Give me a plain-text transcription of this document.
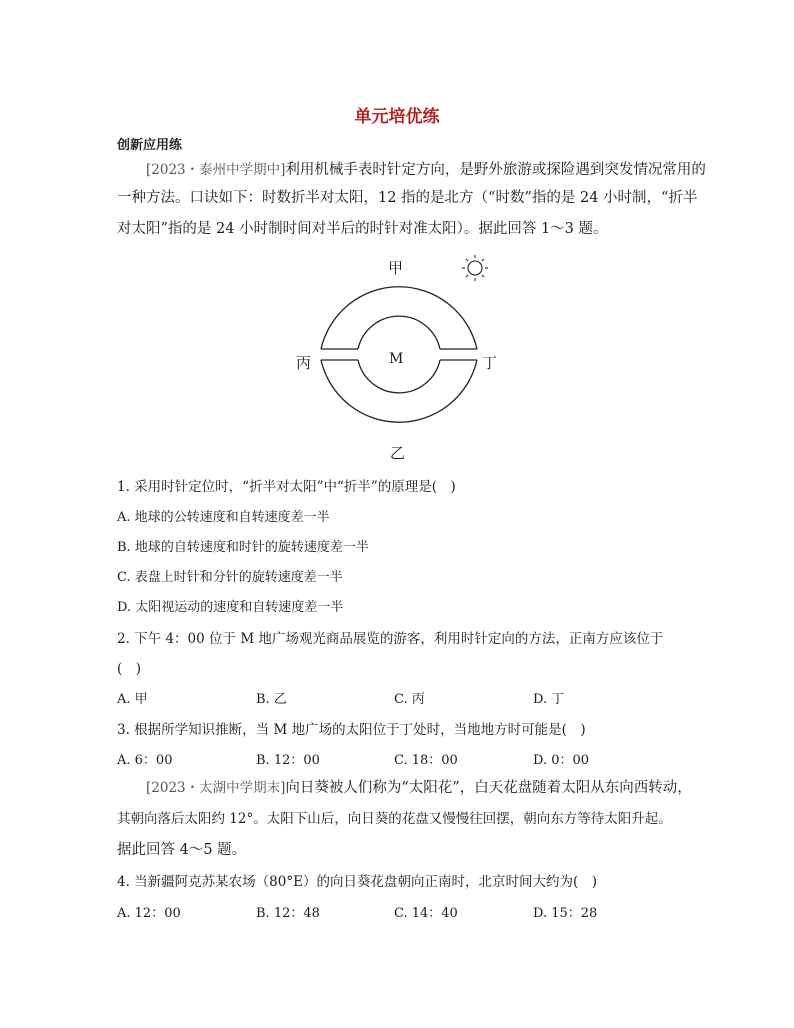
单元培优练
创新应用练
[2023・泰州中学期中]利用机械手表时针定方向，是野外旅游或探险遇到突发情况常用的
一种方法。口诀如下：时数折半对太阳，12 指的是北方（“时数”指的是 24 小时制，“折半
对太阳”指的是 24 小时制时间对半后的时针对准太阳）。据此回答 1～3 题。
甲
乙
丙	丁
M
1. 采用时针定位时，“折半对太阳”中“折半”的原理是(　)
A. 地球的公转速度和自转速度差一半
B. 地球的自转速度和时针的旋转速度差一半
C. 表盘上时针和分针的旋转速度差一半
D. 太阳视运动的速度和自转速度差一半
2. 下午 4：00 位于 M 地广场观光商品展览的游客，利用时针定向的方法，正南方应该位于
(　)
A. 甲	B. 乙	C. 丙	D. 丁
3. 根据所学知识推断，当 M 地广场的太阳位于丁处时，当地地方时可能是(　)
A. 6：00	B. 12：00	C. 18：00	D. 0：00
[2023・太湖中学期末]向日葵被人们称为“太阳花”，白天花盘随着太阳从东向西转动，
其朝向落后太阳约 12°。太阳下山后，向日葵的花盘又慢慢往回摆，朝向东方等待太阳升起。
据此回答 4～5 题。
4. 当新疆阿克苏某农场（80°E）的向日葵花盘朝向正南时，北京时间大约为(　)
A. 12：00	B. 12：48	C. 14：40	D. 15：28
